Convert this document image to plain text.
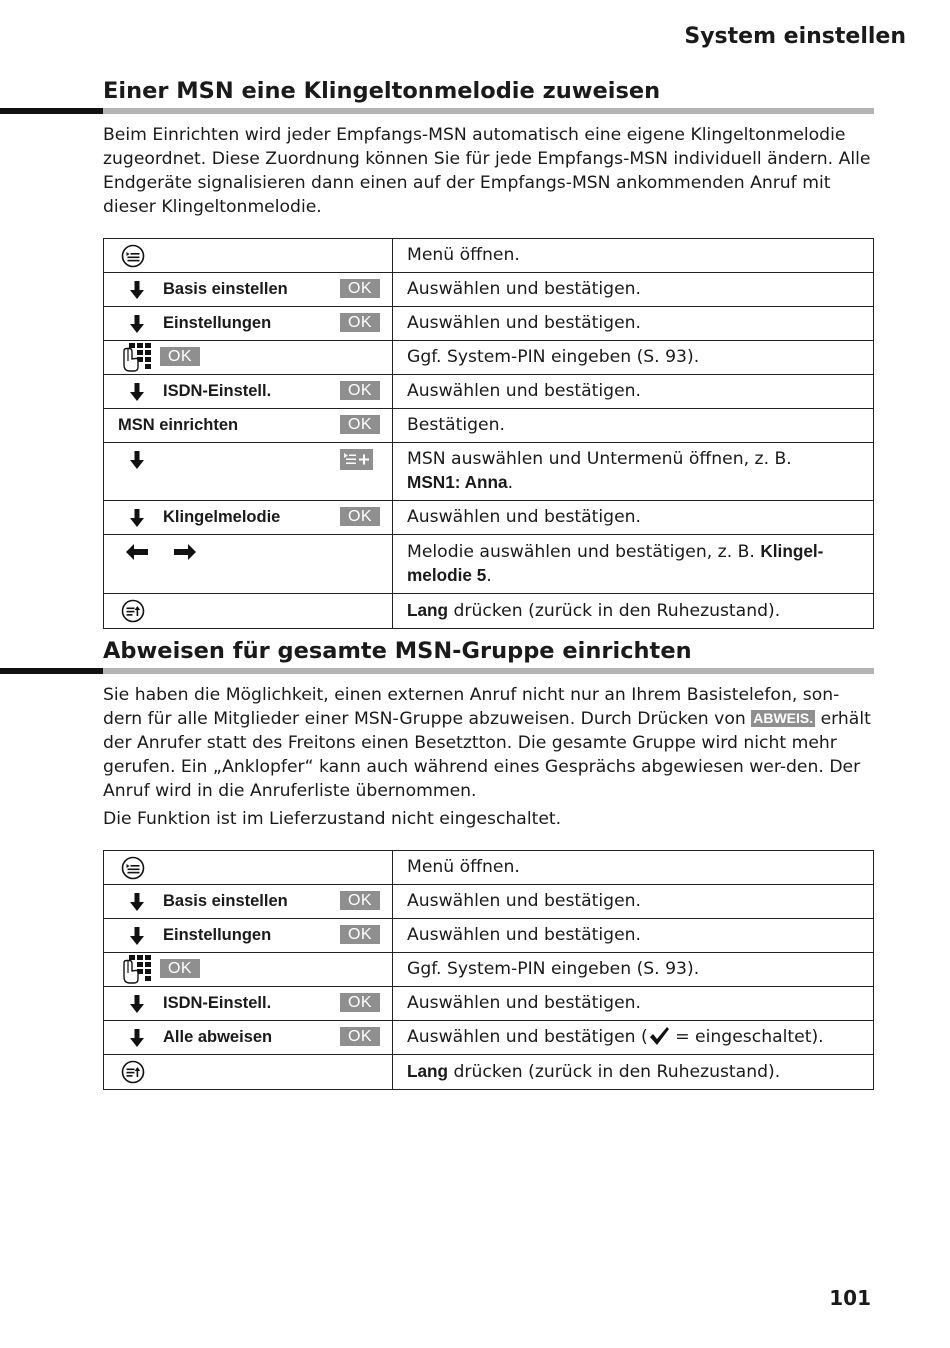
System einstellen
Einer MSN eine Klingeltonmelodie zuweisen
Beim Einrichten wird jeder Empfangs-MSN automatisch eine eigene Klingeltonmelodie zugeordnet. Diese Zuordnung können Sie für jede Empfangs-MSN individuell ändern. Alle Endgeräte signalisieren dann einen auf der Empfangs-MSN ankommenden Anruf mit dieser Klingeltonmelodie.
	Menü öffnen.

Basis einstellen OK	Auswählen und bestätigen.

Einstellungen OK	Auswählen und bestätigen.

OK	Ggf. System-PIN eingeben (S. 93).

ISDN-Einstell. OK	Auswählen und bestätigen.

MSN einrichten OK	Bestätigen.

	MSN auswählen und Untermenü öffnen, z. B.
MSN1: Anna.

Klingelmelodie OK	Auswählen und bestätigen.

	Melodie auswählen und bestätigen, z. B. Klingel-melodie 5.

	Lang drücken (zurück in den Ruhezustand).
Abweisen für gesamte MSN-Gruppe einrichten
Sie haben die Möglichkeit, einen externen Anruf nicht nur an Ihrem Basistelefon, son-dern für alle Mitglieder einer MSN-Gruppe abzuweisen. Durch Drücken von ABWEIS. erhält der Anrufer statt des Freitons einen Besetztton. Die gesamte Gruppe wird nicht mehr gerufen. Ein „Anklopfer“ kann auch während eines Gesprächs abgewiesen wer-den. Der Anruf wird in die Anruferliste übernommen.
Die Funktion ist im Lieferzustand nicht eingeschaltet.
	Menü öffnen.

Basis einstellen OK	Auswählen und bestätigen.

Einstellungen OK	Auswählen und bestätigen.

OK	Ggf. System-PIN eingeben (S. 93).

ISDN-Einstell. OK	Auswählen und bestätigen.

Alle abweisen OK	Auswählen und bestätigen ( = eingeschaltet).

	Lang drücken (zurück in den Ruhezustand).
101
